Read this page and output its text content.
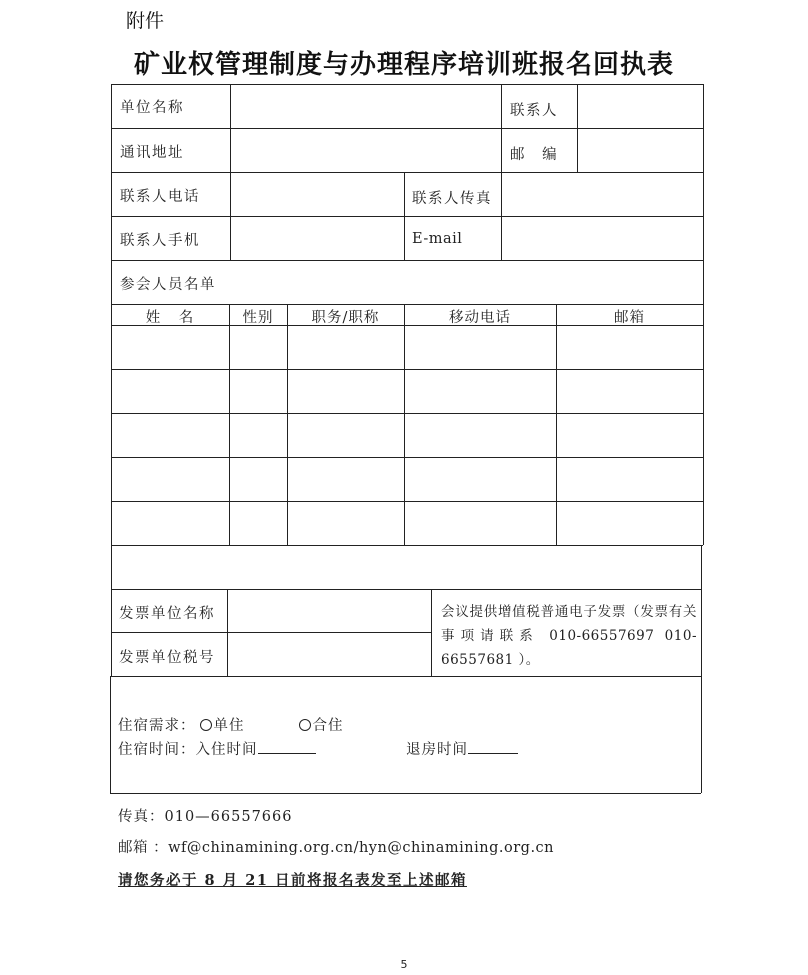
附件
矿业权管理制度与办理程序培训班报名回执表
单位名称	联系人
通讯地址	邮 编
联系人电话	联系人传真
联系人手机	E-mail
参会人员名单
姓 名	性别	职务/职称	移动电话	邮箱
发票单位名称
发票单位税号
会议提供增值税普通电子发票（发票有关事项请联系 010-66557697 010-66557681 ）。
住宿需求： 单住	合住
住宿时间：入住时间	退房时间
传真：010—66557666
邮箱 ：wf@chinamining.org.cn/hyn@chinamining.org.cn
请您务必于 8 月 21 日前将报名表发至上述邮箱
5
